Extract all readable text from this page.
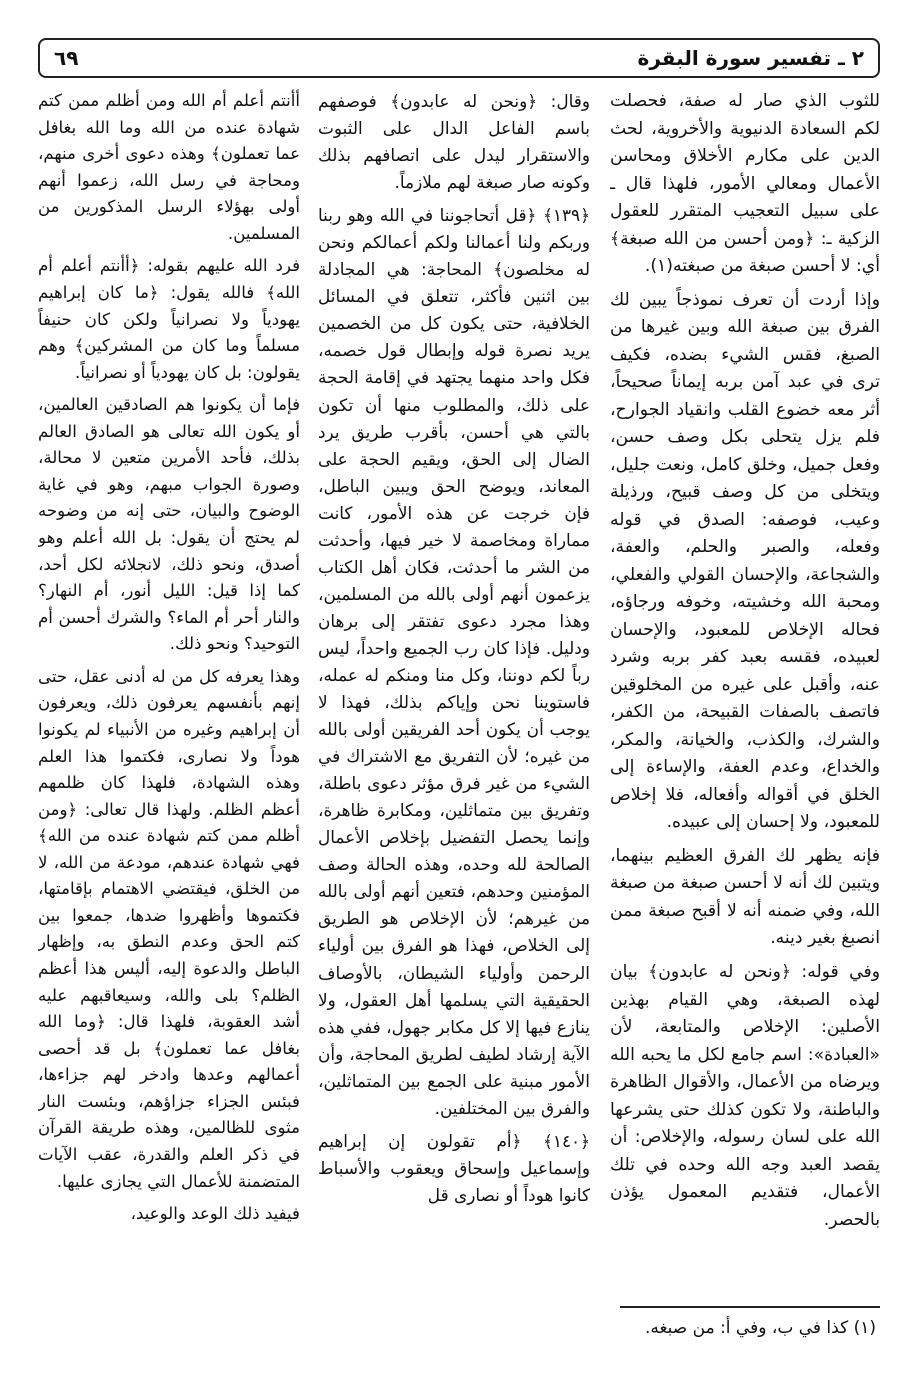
٢ ـ تفسير سورة البقرة
٦٩

للثوب الذي صار له صفة، فحصلت لكم السعادة الدنيوية والأخروية، لحث الدين على مكارم الأخلاق ومحاسن الأعمال ومعالي الأمور، فلهذا قال ـ على سبيل التعجيب المتقرر للعقول الزكية ـ: ﴿ومن أحسن من الله صبغة﴾ أي: لا أحسن صبغة من صبغته(١).

وإذا أردت أن تعرف نموذجاً يبين لك الفرق بين صبغة الله وبين غيرها من الصبغ، فقس الشيء بضده، فكيف ترى في عبد آمن بربه إيماناً صحيحاً، أثر معه خضوع القلب وانقياد الجوارح، فلم يزل يتحلى بكل وصف حسن، وفعل جميل، وخلق كامل، ونعت جليل، ويتخلى من كل وصف قبيح، ورذيلة وعيب، فوصفه: الصدق في قوله وفعله، والصبر والحلم، والعفة، والشجاعة، والإحسان القولي والفعلي، ومحبة الله وخشيته، وخوفه ورجاؤه، فحاله الإخلاص للمعبود، والإحسان لعبيده، فقسه بعبد كفر بربه وشرد عنه، وأقبل على غيره من المخلوقين فاتصف بالصفات القبيحة، من الكفر، والشرك، والكذب، والخيانة، والمكر، والخداع، وعدم العفة، والإساءة إلى الخلق في أقواله وأفعاله، فلا إخلاص للمعبود، ولا إحسان إلى عبيده.

فإنه يظهر لك الفرق العظيم بينهما، ويتبين لك أنه لا أحسن صبغة من صبغة الله، وفي ضمنه أنه لا أقبح صبغة ممن انصبغ بغير دينه.

وفي قوله: ﴿ونحن له عابدون﴾ بيان لهذه الصبغة، وهي القيام بهذين الأصلين: الإخلاص والمتابعة، لأن «العبادة»: اسم جامع لكل ما يحبه الله ويرضاه من الأعمال، والأقوال الظاهرة والباطنة، ولا تكون كذلك حتى يشرعها الله على لسان رسوله، والإخلاص: أن يقصد العبد وجه الله وحده في تلك الأعمال، فتقديم المعمول يؤذن بالحصر.

وقال: ﴿ونحن له عابدون﴾ فوصفهم باسم الفاعل الدال على الثبوت والاستقرار ليدل على اتصافهم بذلك وكونه صار صبغة لهم ملازماً.

﴿١٣٩﴾ ﴿قل أتحاجوننا في الله وهو ربنا وربكم ولنا أعمالنا ولكم أعمالكم ونحن له مخلصون﴾ المحاجة: هي المجادلة بين اثنين فأكثر، تتعلق في المسائل الخلافية، حتى يكون كل من الخصمين يريد نصرة قوله وإبطال قول خصمه، فكل واحد منهما يجتهد في إقامة الحجة على ذلك، والمطلوب منها أن تكون بالتي هي أحسن، بأقرب طريق يرد الضال إلى الحق، ويقيم الحجة على المعاند، ويوضح الحق ويبين الباطل، فإن خرجت عن هذه الأمور، كانت مماراة ومخاصمة لا خير فيها، وأحدثت من الشر ما أحدثت، فكان أهل الكتاب يزعمون أنهم أولى بالله من المسلمين، وهذا مجرد دعوى تفتقر إلى برهان ودليل. فإذا كان رب الجميع واحداً، ليس رباً لكم دوننا، وكل منا ومنكم له عمله، فاستوينا نحن وإياكم بذلك، فهذا لا يوجب أن يكون أحد الفريقين أولى بالله من غيره؛ لأن التفريق مع الاشتراك في الشيء من غير فرق مؤثر دعوى باطلة، وتفريق بين متماثلين، ومكابرة ظاهرة، وإنما يحصل التفضيل بإخلاص الأعمال الصالحة لله وحده، وهذه الحالة وصف المؤمنين وحدهم، فتعين أنهم أولى بالله من غيرهم؛ لأن الإخلاص هو الطريق إلى الخلاص، فهذا هو الفرق بين أولياء الرحمن وأولياء الشيطان، بالأوصاف الحقيقية التي يسلمها أهل العقول، ولا ينازع فيها إلا كل مكابر جهول، ففي هذه الآية إرشاد لطيف لطريق المحاجة، وأن الأمور مبنية على الجمع بين المتماثلين، والفرق بين المختلفين.

﴿١٤٠﴾ ﴿أم تقولون إن إبراهيم وإسماعيل وإسحاق ويعقوب والأسباط كانوا هوداً أو نصارى قل

أأنتم أعلم أم الله ومن أظلم ممن كتم شهادة عنده من الله وما الله بغافل عما تعملون﴾ وهذه دعوى أخرى منهم، ومحاجة في رسل الله، زعموا أنهم أولى بهؤلاء الرسل المذكورين من المسلمين.

فرد الله عليهم بقوله: ﴿أأنتم أعلم أم الله﴾ فالله يقول: ﴿ما كان إبراهيم يهودياً ولا نصرانياً ولكن كان حنيفاً مسلماً وما كان من المشركين﴾ وهم يقولون: بل كان يهودياً أو نصرانياً.

فإما أن يكونوا هم الصادقين العالمين، أو يكون الله تعالى هو الصادق العالم بذلك، فأحد الأمرين متعين لا محالة، وصورة الجواب مبهم، وهو في غاية الوضوح والبيان، حتى إنه من وضوحه لم يحتج أن يقول: بل الله أعلم وهو أصدق، ونحو ذلك، لانجلائه لكل أحد، كما إذا قيل: الليل أنور، أم النهار؟ والنار أحر أم الماء؟ والشرك أحسن أم التوحيد؟ ونحو ذلك.

وهذا يعرفه كل من له أدنى عقل، حتى إنهم بأنفسهم يعرفون ذلك، ويعرفون أن إبراهيم وغيره من الأنبياء لم يكونوا هوداً ولا نصارى، فكتموا هذا العلم وهذه الشهادة، فلهذا كان ظلمهم أعظم الظلم. ولهذا قال تعالى: ﴿ومن أظلم ممن كتم شهادة عنده من الله﴾ فهي شهادة عندهم، مودعة من الله، لا من الخلق، فيقتضي الاهتمام بإقامتها، فكتموها وأظهروا ضدها، جمعوا بين كتم الحق وعدم النطق به، وإظهار الباطل والدعوة إليه، أليس هذا أعظم الظلم؟ بلى والله، وسيعاقبهم عليه أشد العقوبة، فلهذا قال: ﴿وما الله بغافل عما تعملون﴾ بل قد أحصى أعمالهم وعدها وادخر لهم جزاءها، فبئس الجزاء جزاؤهم، وبئست النار مثوى للظالمين، وهذه طريقة القرآن في ذكر العلم والقدرة، عقب الآيات المتضمنة للأعمال التي يجازى عليها.

فيفيد ذلك الوعد والوعيد،

(١) كذا في ب، وفي أ: من صبغه.
